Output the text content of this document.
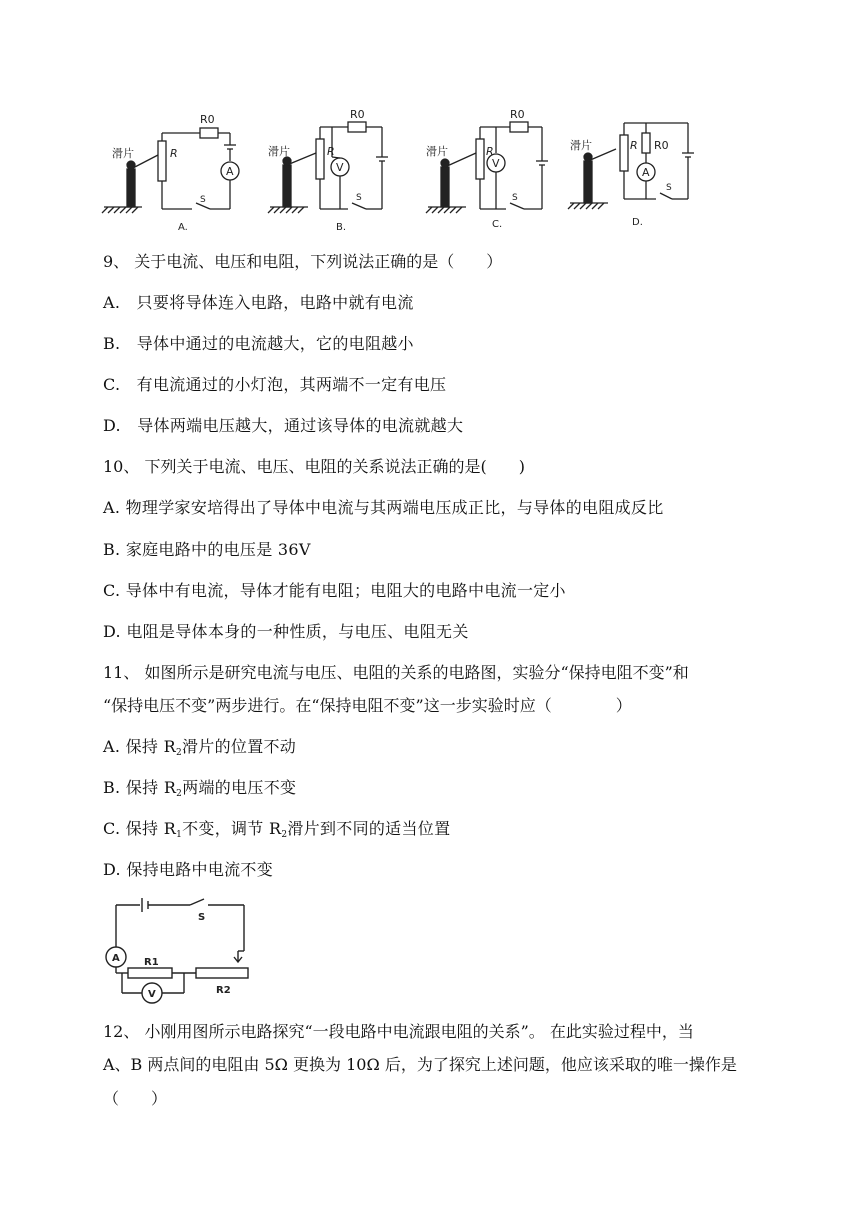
滑片	R
R0
A
S
A.
滑片	R
R0
V
S
B.
滑片	R
R0
V
S
C.
滑片	R R0
A
S
D.
9、 关于电流、电压和电阻，下列说法正确的是（　　）
A.　只要将导体连入电路，电路中就有电流
B.　导体中通过的电流越大，它的电阻越小
C.　有电流通过的小灯泡，其两端不一定有电压
D.　导体两端电压越大，通过该导体的电流就越大
10、 下列关于电流、电压、电阻的关系说法正确的是(　　)
A. 物理学家安培得出了导体中电流与其两端电压成正比，与导体的电阻成反比
B. 家庭电路中的电压是 36V
C. 导体中有电流，导体才能有电阻；电阻大的电路中电流一定小
D. 电阻是导体本身的一种性质，与电压、电阻无关
11、 如图所示是研究电流与电压、电阻的关系的电路图，实验分“保持电阻不变”和
“保持电压不变”两步进行。在“保持电阻不变”这一步实验时应（　　　　）
A. 保持 $R_2$滑片的位置不动
B. 保持 $R_2$两端的电压不变
C. 保持 $R_1$不变，调节 $R_2$滑片到不同的适当位置
D. 保持电路中电流不变
S
A
V
R1
R2
12、 小刚用图所示电路探究“一段电路中电流跟电阻的关系”。 在此实验过程中，当
A、B 两点间的电阻由 5Ω 更换为 10Ω 后，为了探究上述问题，他应该采取的唯一操作是
（　　）
